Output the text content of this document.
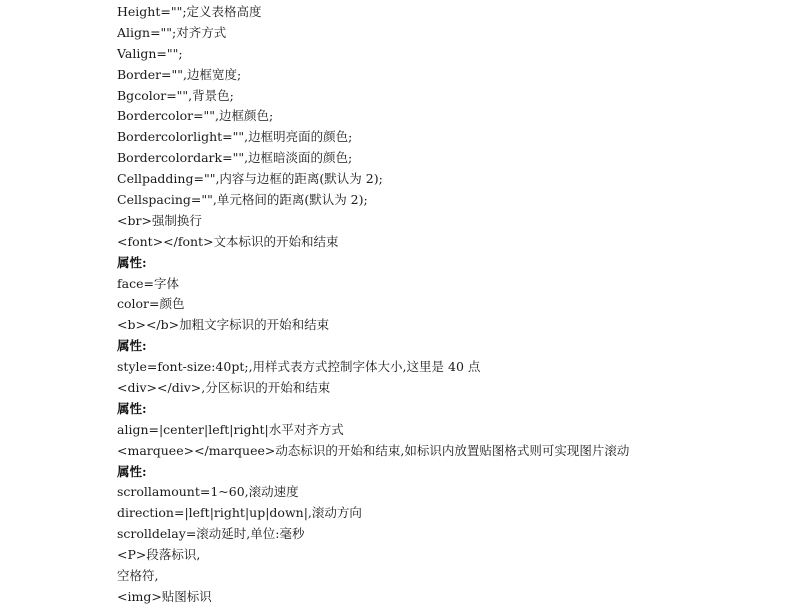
Height="";定义表格高度
Align="";对齐方式
Valign="";
Border="",边框宽度;
Bgcolor="",背景色;
Bordercolor="",边框颜色;
Bordercolorlight="",边框明亮面的颜色;
Bordercolordark="",边框暗淡面的颜色;
Cellpadding="",内容与边框的距离(默认为 2);
Cellspacing="",单元格间的距离(默认为 2);
<br>强制换行
<font></font>文本标识的开始和结束
属性:
face=字体
color=颜色
<b></b>加粗文字标识的开始和结束
属性:
style=font-size:40pt;,用样式表方式控制字体大小,这里是 40 点
<div></div>,分区标识的开始和结束
属性:
align=|center|left|right|水平对齐方式
<marquee></marquee>动态标识的开始和结束,如标识内放置贴图格式则可实现图片滚动
属性:
scrollamount=1~60,滚动速度
direction=|left|right|up|down|,滚动方向
scrolldelay=滚动延时,单位:毫秒
<P>段落标识,
空格符,
<img>贴图标识
